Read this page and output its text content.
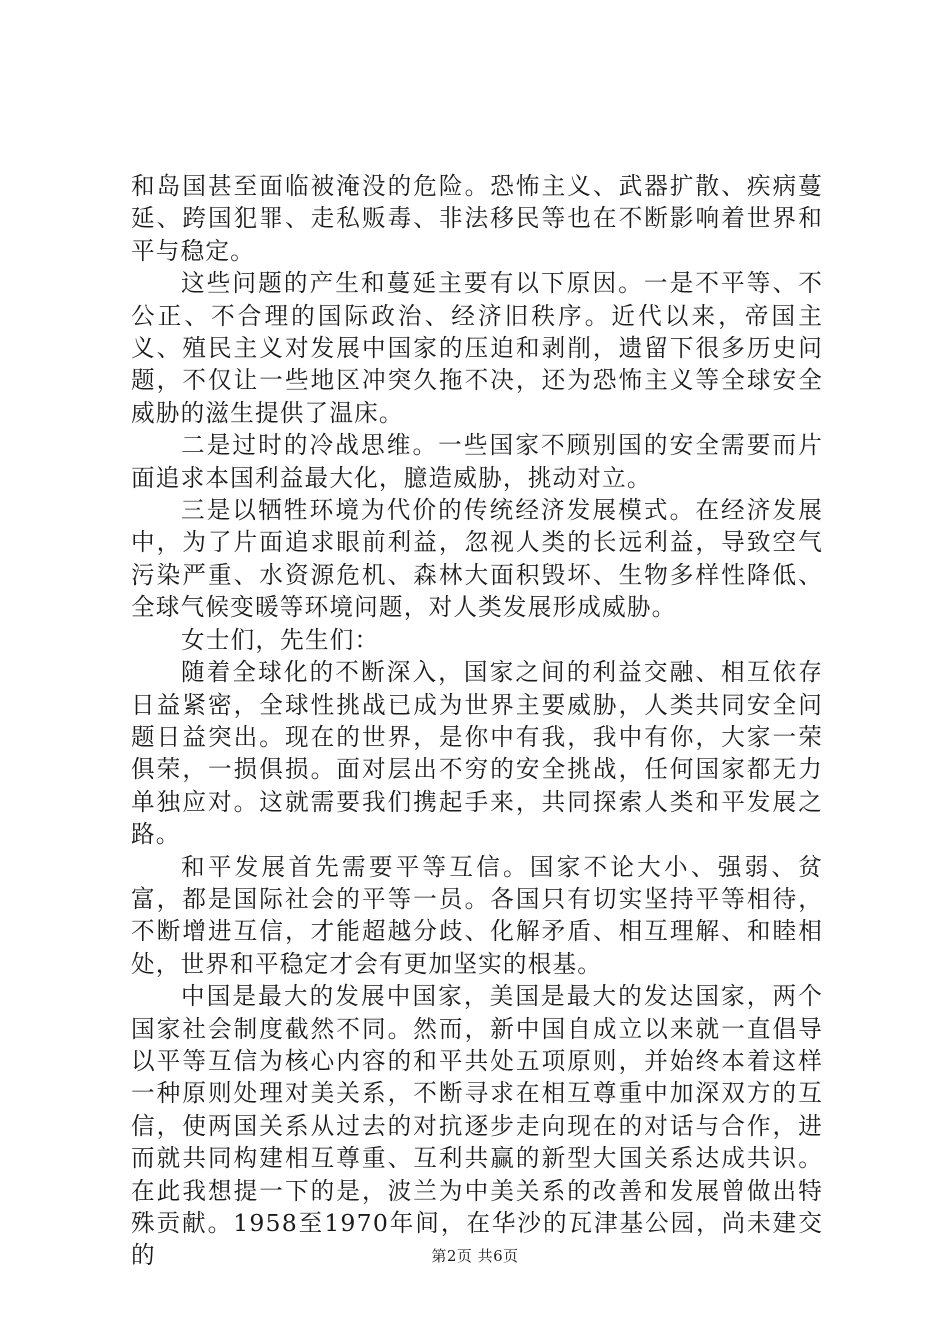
和岛国甚至面临被淹没的危险。恐怖主义、武器扩散、疾病蔓延、跨国犯罪、走私贩毒、非法移民等也在不断影响着世界和平与稳定。

这些问题的产生和蔓延主要有以下原因。一是不平等、不公正、不合理的国际政治、经济旧秩序。近代以来，帝国主义、殖民主义对发展中国家的压迫和剥削，遗留下很多历史问题，不仅让一些地区冲突久拖不决，还为恐怖主义等全球安全威胁的滋生提供了温床。

二是过时的冷战思维。一些国家不顾别国的安全需要而片面追求本国利益最大化，臆造威胁，挑动对立。

三是以牺牲环境为代价的传统经济发展模式。在经济发展中，为了片面追求眼前利益，忽视人类的长远利益，导致空气污染严重、水资源危机、森林大面积毁坏、生物多样性降低、全球气候变暖等环境问题，对人类发展形成威胁。

女士们，先生们：

随着全球化的不断深入，国家之间的利益交融、相互依存日益紧密，全球性挑战已成为世界主要威胁，人类共同安全问题日益突出。现在的世界，是你中有我，我中有你，大家一荣俱荣，一损俱损。面对层出不穷的安全挑战，任何国家都无力单独应对。这就需要我们携起手来，共同探索人类和平发展之路。

和平发展首先需要平等互信。国家不论大小、强弱、贫富，都是国际社会的平等一员。各国只有切实坚持平等相待，不断增进互信，才能超越分歧、化解矛盾、相互理解、和睦相处，世界和平稳定才会有更加坚实的根基。

中国是最大的发展中国家，美国是最大的发达国家，两个国家社会制度截然不同。然而，新中国自成立以来就一直倡导以平等互信为核心内容的和平共处五项原则，并始终本着这样一种原则处理对美关系，不断寻求在相互尊重中加深双方的互信，使两国关系从过去的对抗逐步走向现在的对话与合作，进而就共同构建相互尊重、互利共赢的新型大国关系达成共识。在此我想提一下的是，波兰为中美关系的改善和发展曾做出特殊贡献。1958至1970年间，在华沙的瓦津基公园，尚未建交的	第2页 共6页
